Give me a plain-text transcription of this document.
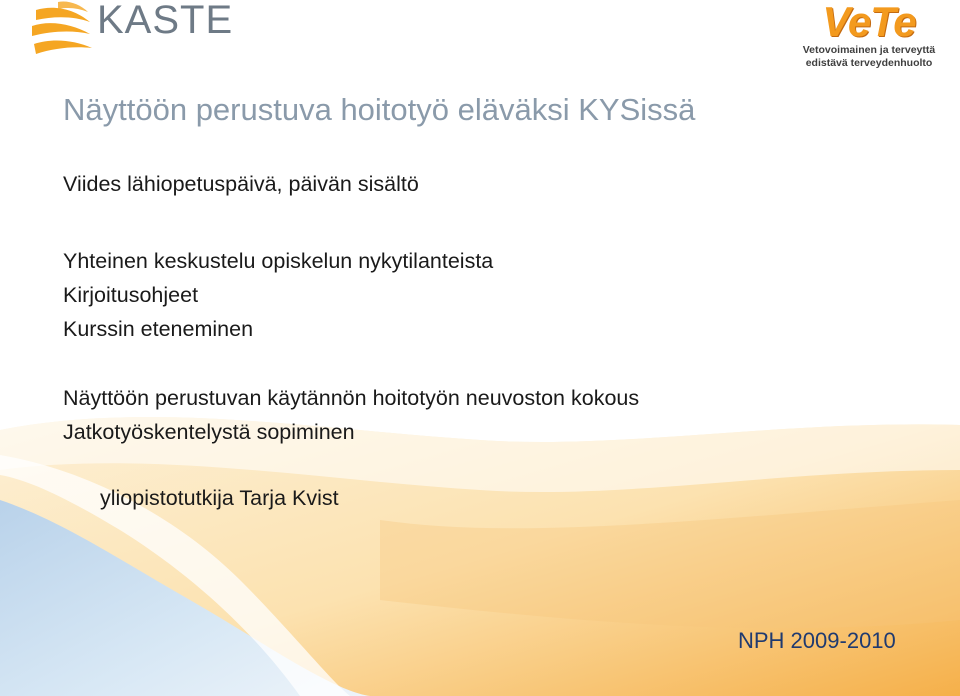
KASTE	VeTe
Vetovoimainen ja terveyttä
edistävä terveydenhuolto
Näyttöön perustuva hoitotyö eläväksi KYSissä
Viides lähiopetuspäivä, päivän sisältö
Yhteinen keskustelu opiskelun nykytilanteista
Kirjoitusohjeet
Kurssin eteneminen
Näyttöön perustuvan käytännön hoitotyön neuvoston kokous
Jatkotyöskentelystä sopiminen
yliopistotutkija Tarja Kvist
NPH 2009-2010
